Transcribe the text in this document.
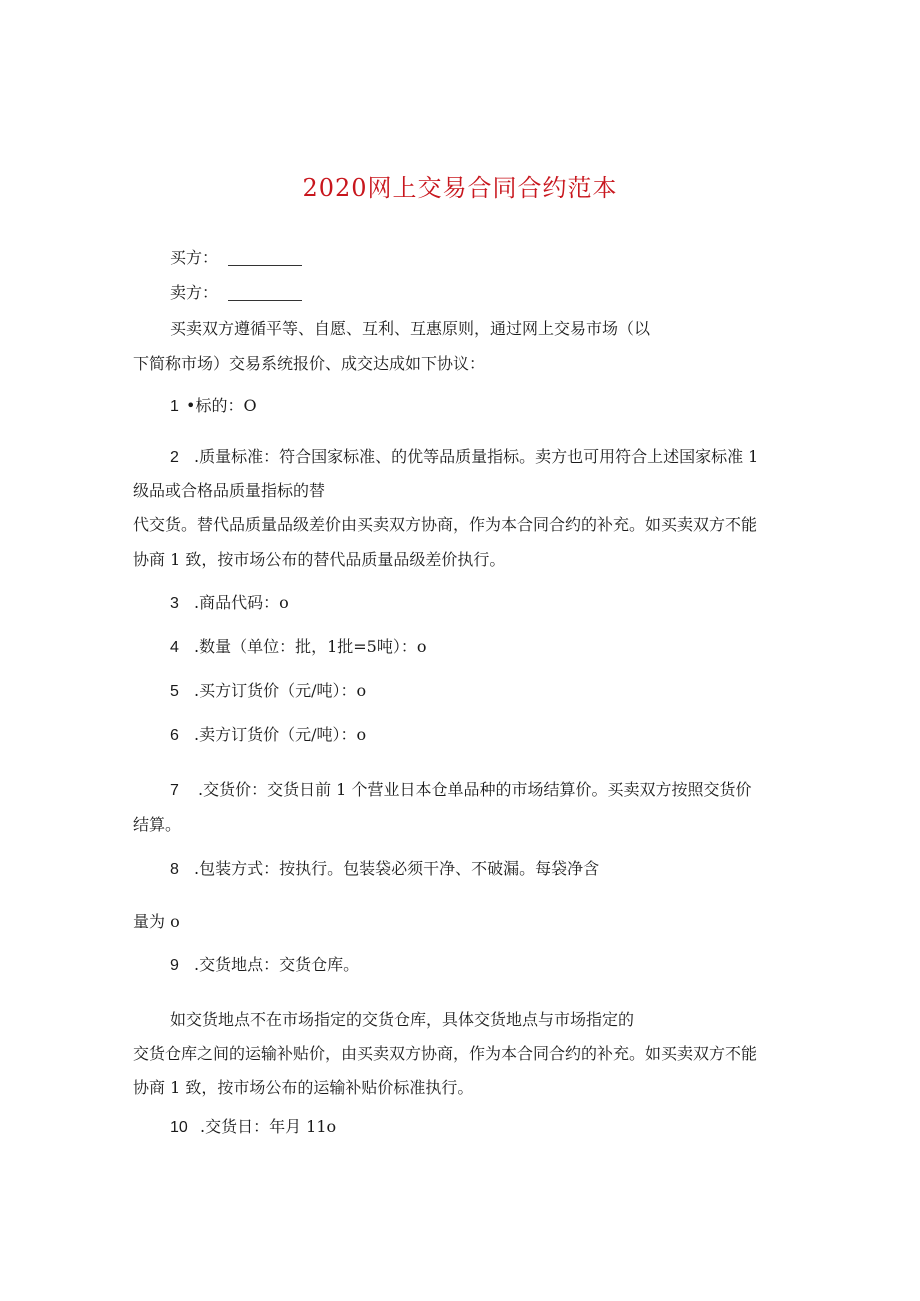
2020网上交易合同合约范本
买方：
卖方：
买卖双方遵循平等、自愿、互利、互惠原则，通过网上交易市场（以
下简称市场）交易系统报价、成交达成如下协议：
1 •标的：O
2 .质量标准：符合国家标准、的优等品质量指标。卖方也可用符合上述国家标准 1
级品或合格品质量指标的替
代交货。替代品质量品级差价由买卖双方协商，作为本合同合约的补充。如买卖双方不能
协商 1 致，按市场公布的替代品质量品级差价执行。
3 .商品代码：o
4 .数量（单位：批，1批=5吨）：o
5 .买方订货价（元/吨）：o
6 .卖方订货价（元/吨）：o
7 .交货价：交货日前 1 个营业日本仓单品种的市场结算价。买卖双方按照交货价
结算。
8 .包装方式：按执行。包装袋必须干净、不破漏。每袋净含
量为 o
9 .交货地点：交货仓库。
如交货地点不在市场指定的交货仓库，具体交货地点与市场指定的
交货仓库之间的运输补贴价，由买卖双方协商，作为本合同合约的补充。如买卖双方不能
协商 1 致，按市场公布的运输补贴价标准执行。
10 .交货日：年月 11o
